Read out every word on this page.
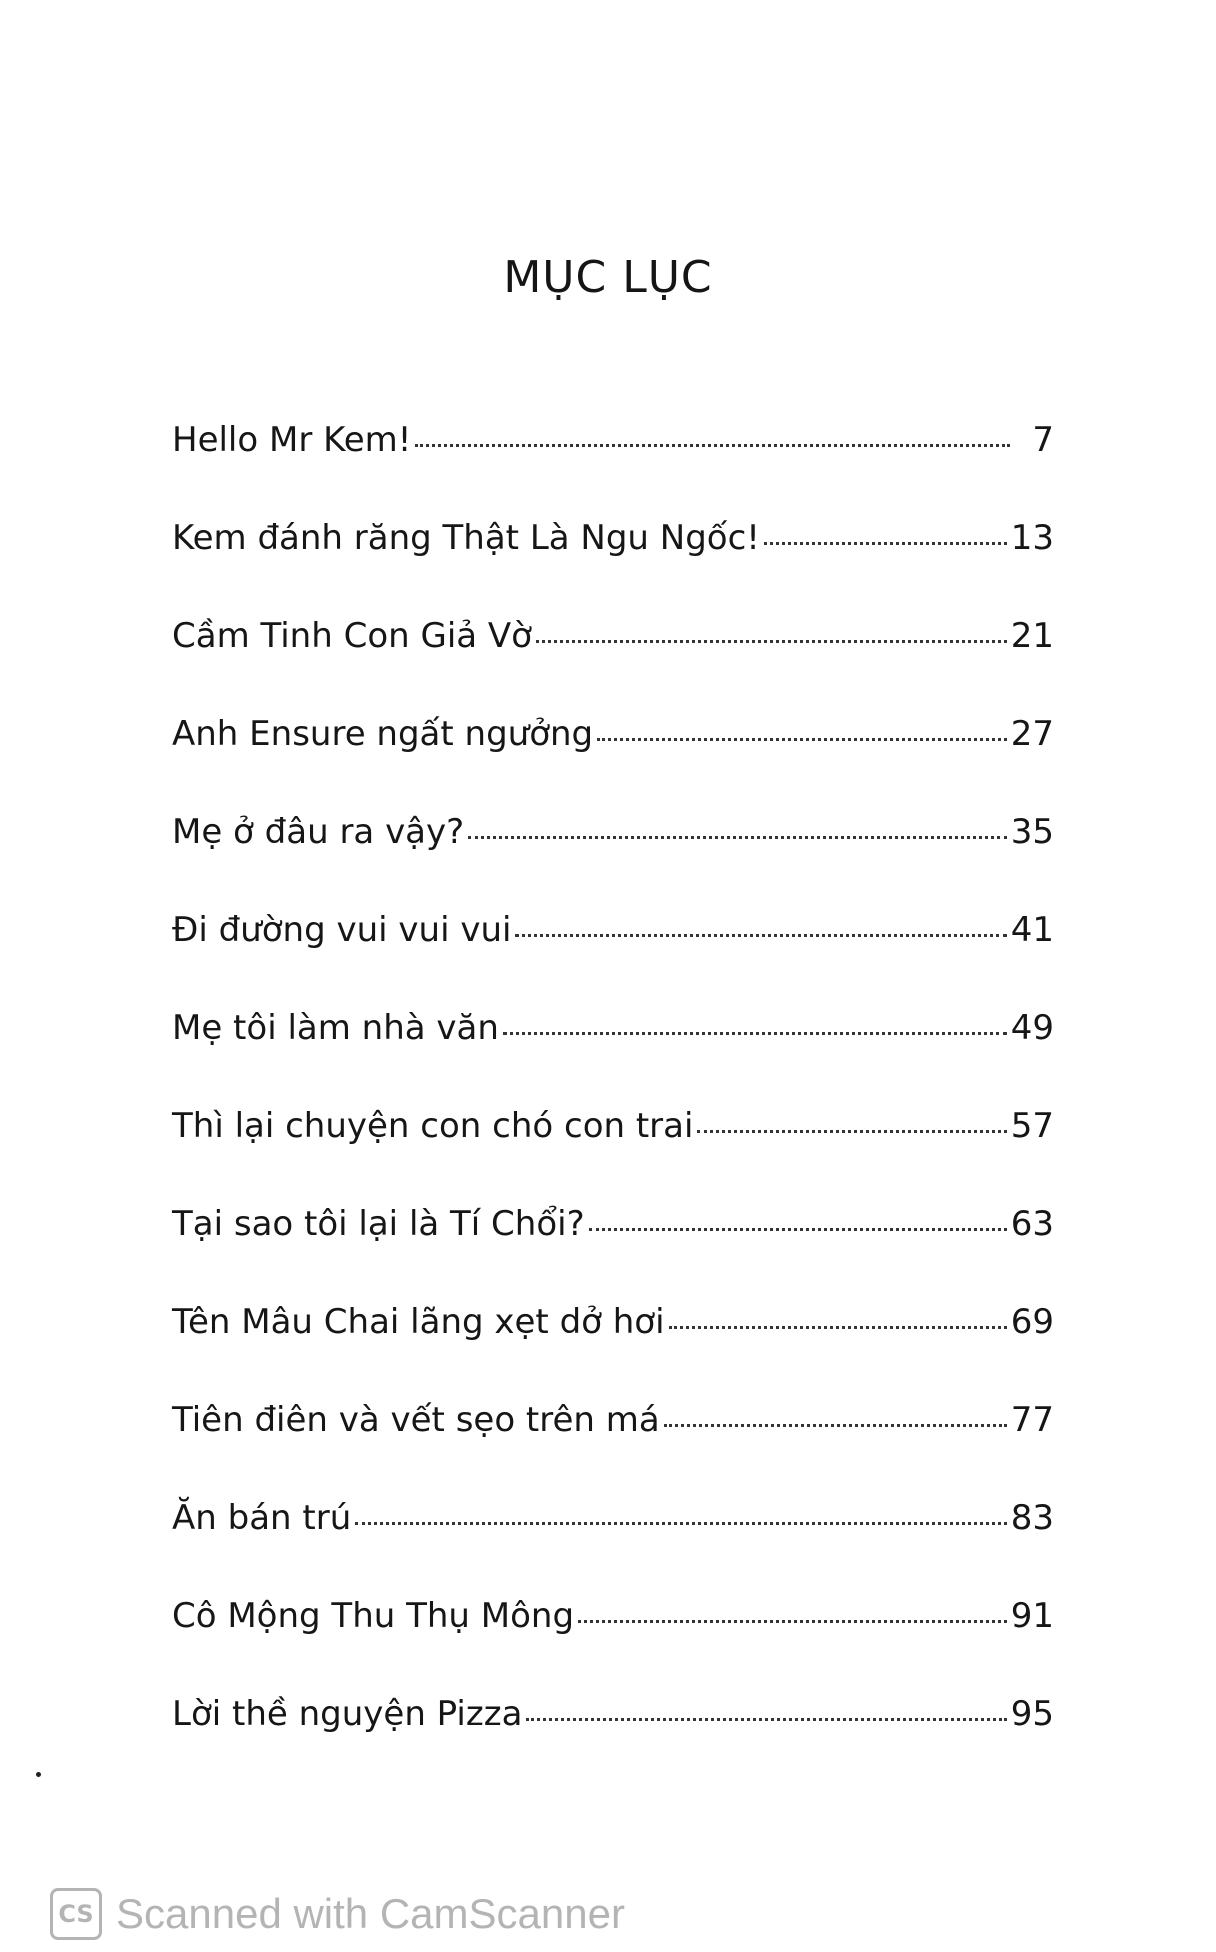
MỤC LỤC
Hello Mr Kem!	7
Kem đánh răng Thật Là Ngu Ngốc!	13
Cầm Tinh Con Giả Vờ	21
Anh Ensure ngất ngưởng	27
Mẹ ở đâu ra vậy?	35
Đi đường vui vui vui	41
Mẹ tôi làm nhà văn	49
Thì lại chuyện con chó con trai	57
Tại sao tôi lại là Tí Chổi?	63
Tên Mâu Chai lãng xẹt dở hơi	69
Tiên điên và vết sẹo trên má	77
Ăn bán trú	83
Cô Mộng Thu Thụ Mông	91
Lời thề nguyện Pizza	95
CS Scanned with CamScanner
